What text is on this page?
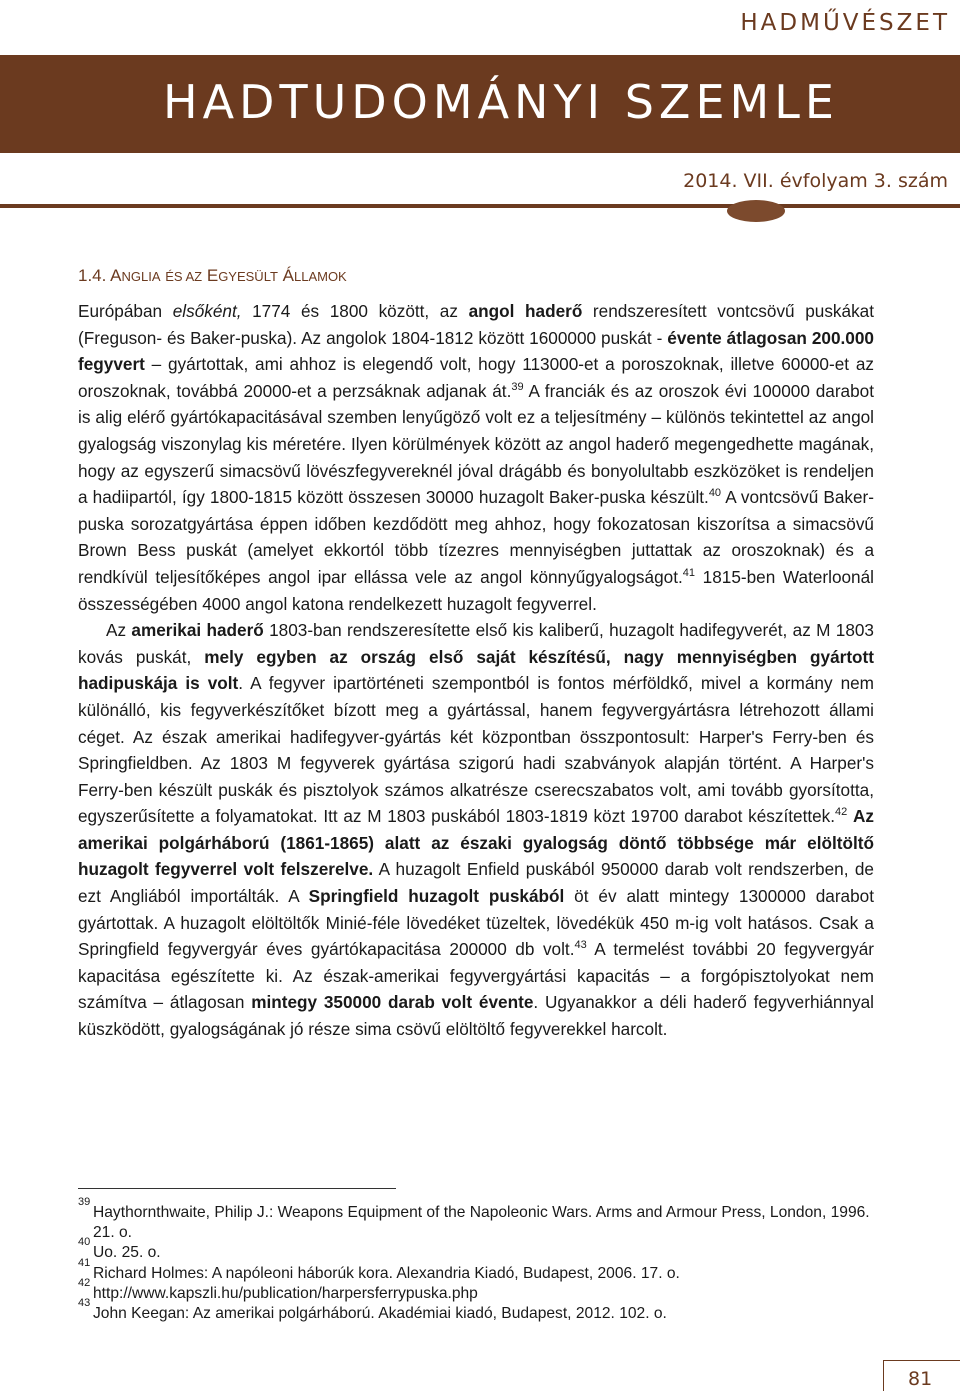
HADMŰVÉSZET
HADTUDOMÁNYI SZEMLE
2014. VII. évfolyam 3. szám
1.4. ANGLIA ÉS AZ EGYESÜLT ÁLLAMOK

Európában elsőként, 1774 és 1800 között, az angol haderő rendszeresített vontcsövű puskákat (Freguson- és Baker-puska). Az angolok 1804-1812 között 1600000 puskát - évente átlagosan 200.000 fegyvert – gyártottak, ami ahhoz is elegendő volt, hogy 113000-et a poroszoknak, illetve 60000-et az oroszoknak, továbbá 20000-et a perzsáknak adjanak át.$^{39}$ A franciák és az oroszok évi 100000 darabot is alig elérő gyártókapacitásával szemben lenyűgöző volt ez a teljesítmény – különös tekintettel az angol gyalogság viszonylag kis méretére. Ilyen körülmények között az angol haderő megengedhette magának, hogy az egyszerű simacsövű lövészfegyvereknél jóval drágább és bonyolultabb eszközöket is rendeljen a hadiipartól, így 1800-1815 között összesen 30000 huzagolt Baker-puska készült.$^{40}$ A vontcsövű Baker-puska sorozatgyártása éppen időben kezdődött meg ahhoz, hogy fokozatosan kiszorítsa a simacsövű Brown Bess puskát (amelyet ekkortól több tízezres mennyiségben juttattak az oroszoknak) és a rendkívül teljesítőképes angol ipar ellássa vele az angol könnyűgyalogságot.$^{41}$ 1815-ben Waterloonál összességében 4000 angol katona rendelkezett huzagolt fegyverrel.

Az amerikai haderő 1803-ban rendszeresítette első kis kaliberű, huzagolt hadifegyverét, az M 1803 kovás puskát, mely egyben az ország első saját készítésű, nagy mennyiségben gyártott hadipuskája is volt. A fegyver ipartörténeti szempontból is fontos mérföldkő, mivel a kormány nem különálló, kis fegyverkészítőket bízott meg a gyártással, hanem fegyvergyártásra létrehozott állami céget. Az észak amerikai hadifegyver-gyártás két központban összpontosult: Harper's Ferry-ben és Springfieldben. Az 1803 M fegyverek gyártása szigorú hadi szabványok alapján történt. A Harper's Ferry-ben készült puskák és pisztolyok számos alkatrésze cserecszabatos volt, ami tovább gyorsította, egyszerűsítette a folyamatokat. Itt az M 1803 puskából 1803-1819 közt 19700 darabot készítettek.$^{42}$ Az amerikai polgárháború (1861-1865) alatt az északi gyalogság döntő többsége már elöltöltő huzagolt fegyverrel volt felszerelve. A huzagolt Enfield puskából 950000 darab volt rendszerben, de ezt Angliából importálták. A Springfield huzagolt puskából öt év alatt mintegy 1300000 darabot gyártottak. A huzagolt elöltöltők Minié-féle lövedéket tüzeltek, lövedékük 450 m-ig volt hatásos. Csak a Springfield fegyvergyár éves gyártókapacitása 200000 db volt.$^{43}$ A termelést további 20 fegyvergyár kapacitása egészítette ki. Az észak-amerikai fegyvergyártási kapacitás – a forgópisztolyokat nem számítva – átlagosan mintegy 350000 darab volt évente. Ugyanakkor a déli haderő fegyverhiánnyal küszködött, gyalogságának jó része sima csövű elöltöltő fegyverekkel harcolt.

39
Haythornthwaite, Philip J.: Weapons Equipment of the Napoleonic Wars. Arms and Armour Press, London, 1996. 21. o.
40
Uo. 25. o.
41
Richard Holmes: A napóleoni háborúk kora. Alexandria Kiadó, Budapest, 2006. 17. o.
42
http://www.kapszli.hu/publication/harpersferrypuska.php
43
John Keegan: Az amerikai polgárháború. Akadémiai kiadó, Budapest, 2012. 102. o.
81
